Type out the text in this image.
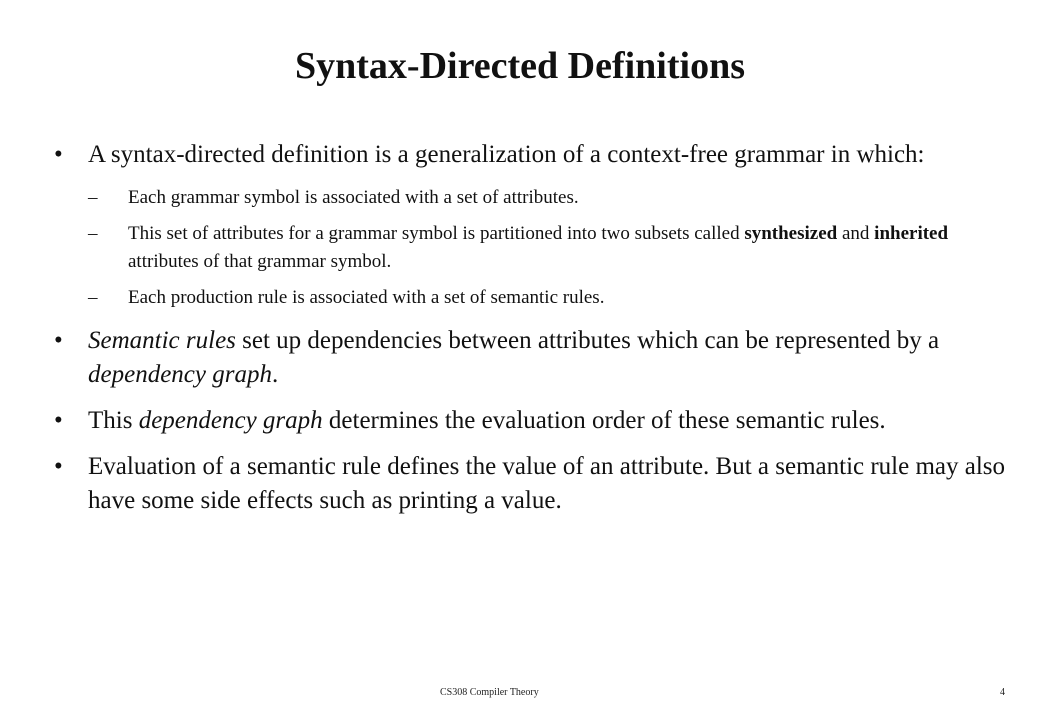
Syntax-Directed Definitions
• A syntax-directed definition is a generalization of a context-free grammar in which:
– Each grammar symbol is associated with a set of attributes.
– This set of attributes for a grammar symbol is partitioned into two subsets called synthesized and inherited attributes of that grammar symbol.
– Each production rule is associated with a set of semantic rules.
• Semantic rules set up dependencies between attributes which can be represented by a dependency graph.
• This dependency graph determines the evaluation order of these semantic rules.
• Evaluation of a semantic rule defines the value of an attribute. But a semantic rule may also have some side effects such as printing a value.
CS308 Compiler Theory	4
